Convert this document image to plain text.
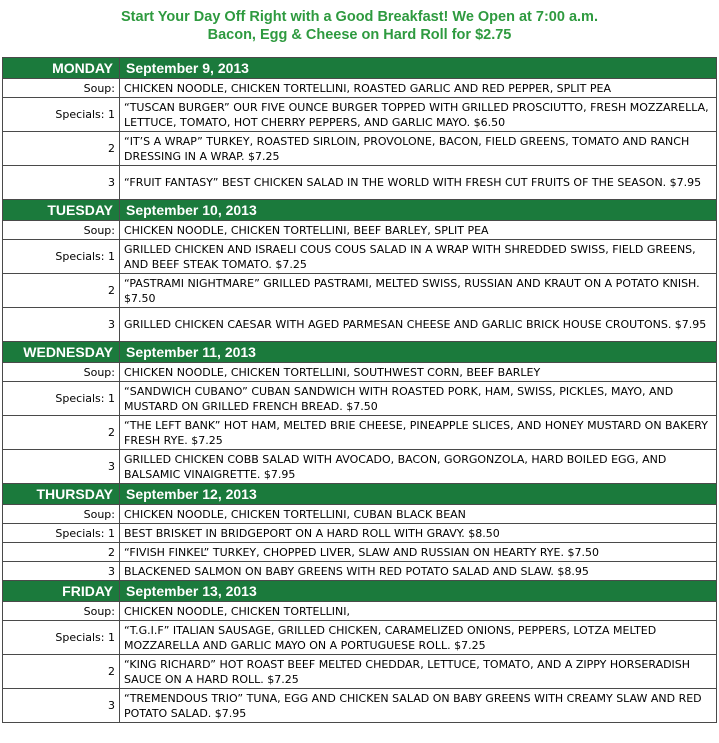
Start Your Day Off Right with a Good Breakfast! We Open at 7:00 a.m.
Bacon, Egg & Cheese on Hard Roll for $2.75
MONDAY	September 9, 2013
Soup:	CHICKEN NOODLE, CHICKEN TORTELLINI, ROASTED GARLIC AND RED PEPPER, SPLIT PEA
Specials: 1	“TUSCAN BURGER” OUR FIVE OUNCE BURGER TOPPED WITH GRILLED PROSCIUTTO, FRESH MOZZARELLA, LETTUCE, TOMATO, HOT CHERRY PEPPERS, AND GARLIC MAYO. $6.50
2	“IT’S A WRAP” TURKEY, ROASTED SIRLOIN, PROVOLONE, BACON, FIELD GREENS, TOMATO AND RANCH DRESSING IN A WRAP. $7.25
3	“FRUIT FANTASY” BEST CHICKEN SALAD IN THE WORLD WITH FRESH CUT FRUITS OF THE SEASON. $7.95
TUESDAY	September 10, 2013
Soup:	CHICKEN NOODLE, CHICKEN TORTELLINI, BEEF BARLEY, SPLIT PEA
Specials: 1	GRILLED CHICKEN AND ISRAELI COUS COUS SALAD IN A WRAP WITH SHREDDED SWISS, FIELD GREENS, AND BEEF STEAK TOMATO. $7.25
2	“PASTRAMI NIGHTMARE” GRILLED PASTRAMI, MELTED SWISS, RUSSIAN AND KRAUT ON A POTATO KNISH. $7.50
3	GRILLED CHICKEN CAESAR WITH AGED PARMESAN CHEESE AND GARLIC BRICK HOUSE CROUTONS. $7.95
WEDNESDAY	September 11, 2013
Soup:	CHICKEN NOODLE, CHICKEN TORTELLINI, SOUTHWEST CORN, BEEF BARLEY
Specials: 1	“SANDWICH CUBANO” CUBAN SANDWICH WITH ROASTED PORK, HAM, SWISS, PICKLES, MAYO, AND MUSTARD ON GRILLED FRENCH BREAD. $7.50
2	“THE LEFT BANK” HOT HAM, MELTED BRIE CHEESE, PINEAPPLE SLICES, AND HONEY MUSTARD ON BAKERY FRESH RYE. $7.25
3	GRILLED CHICKEN COBB SALAD WITH AVOCADO, BACON, GORGONZOLA, HARD BOILED EGG, AND BALSAMIC VINAIGRETTE. $7.95
THURSDAY	September 12, 2013
Soup:	CHICKEN NOODLE, CHICKEN TORTELLINI, CUBAN BLACK BEAN
Specials: 1	BEST BRISKET IN BRIDGEPORT ON A HARD ROLL WITH GRAVY. $8.50
2	“FIVISH FINKEL” TURKEY, CHOPPED LIVER, SLAW AND RUSSIAN ON HEARTY RYE. $7.50
3	BLACKENED SALMON ON BABY GREENS WITH RED POTATO SALAD AND SLAW. $8.95
FRIDAY	September 13, 2013
Soup:	CHICKEN NOODLE, CHICKEN TORTELLINI,
Specials: 1	“T.G.I.F” ITALIAN SAUSAGE, GRILLED CHICKEN, CARAMELIZED ONIONS, PEPPERS, LOTZA MELTED MOZZARELLA AND GARLIC MAYO ON A PORTUGUESE ROLL. $7.25
2	“KING RICHARD” HOT ROAST BEEF MELTED CHEDDAR, LETTUCE, TOMATO, AND A ZIPPY HORSERADISH SAUCE ON A HARD ROLL. $7.25
3	“TREMENDOUS TRIO” TUNA, EGG AND CHICKEN SALAD ON BABY GREENS WITH CREAMY SLAW AND RED POTATO SALAD. $7.95
